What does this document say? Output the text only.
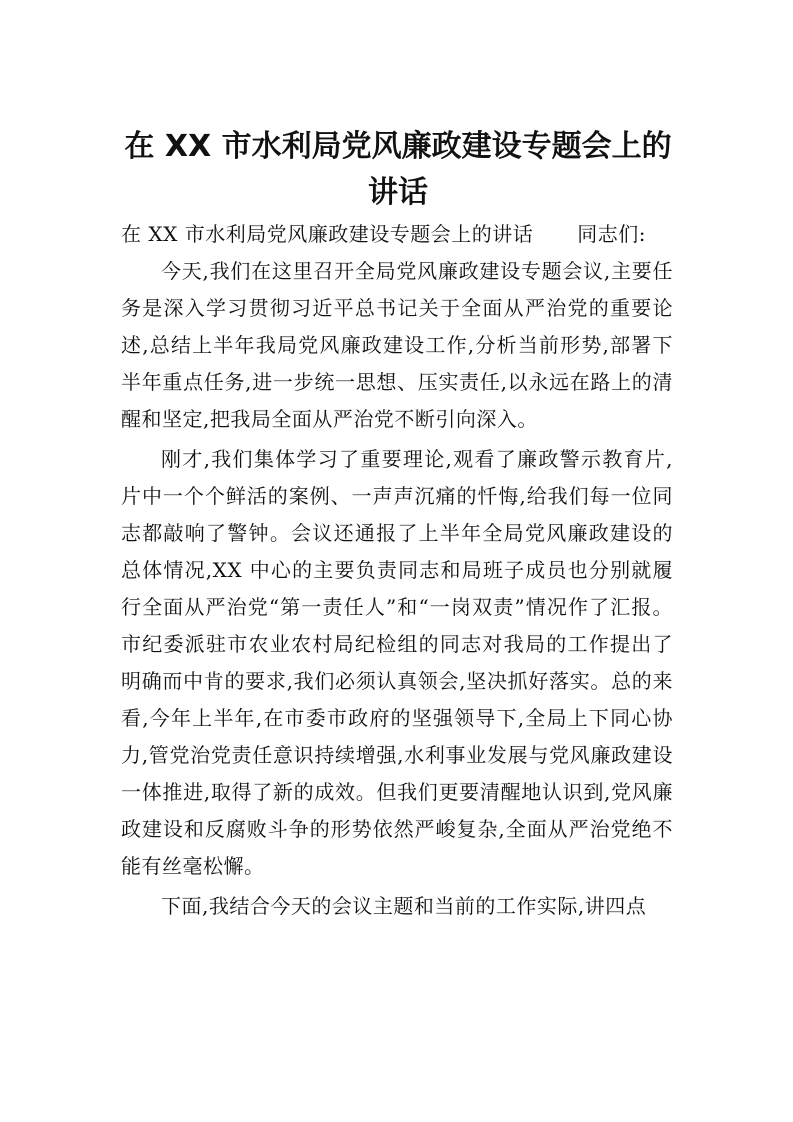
在 XX 市水利局党风廉政建设专题会上的讲话

在 XX 市水利局党风廉政建设专题会上的讲话 同志们:

今天,我们在这里召开全局党风廉政建设专题会议,主要任务是深入学习贯彻习近平总书记关于全面从严治党的重要论述,总结上半年我局党风廉政建设工作,分析当前形势,部署下半年重点任务,进一步统一思想、压实责任,以永远在路上的清醒和坚定,把我局全面从严治党不断引向深入。

刚才,我们集体学习了重要理论,观看了廉政警示教育片,片中一个个鲜活的案例、一声声沉痛的忏悔,给我们每一位同志都敲响了警钟。会议还通报了上半年全局党风廉政建设的总体情况,XX 中心的主要负责同志和局班子成员也分别就履行全面从严治党“第一责任人”和“一岗双责”情况作了汇报。市纪委派驻市农业农村局纪检组的同志对我局的工作提出了明确而中肯的要求,我们必须认真领会,坚决抓好落实。总的来看,今年上半年,在市委市政府的坚强领导下,全局上下同心协力,管党治党责任意识持续增强,水利事业发展与党风廉政建设一体推进,取得了新的成效。但我们更要清醒地认识到,党风廉政建设和反腐败斗争的形势依然严峻复杂,全面从严治党绝不能有丝毫松懈。

下面,我结合今天的会议主题和当前的工作实际,讲四点
